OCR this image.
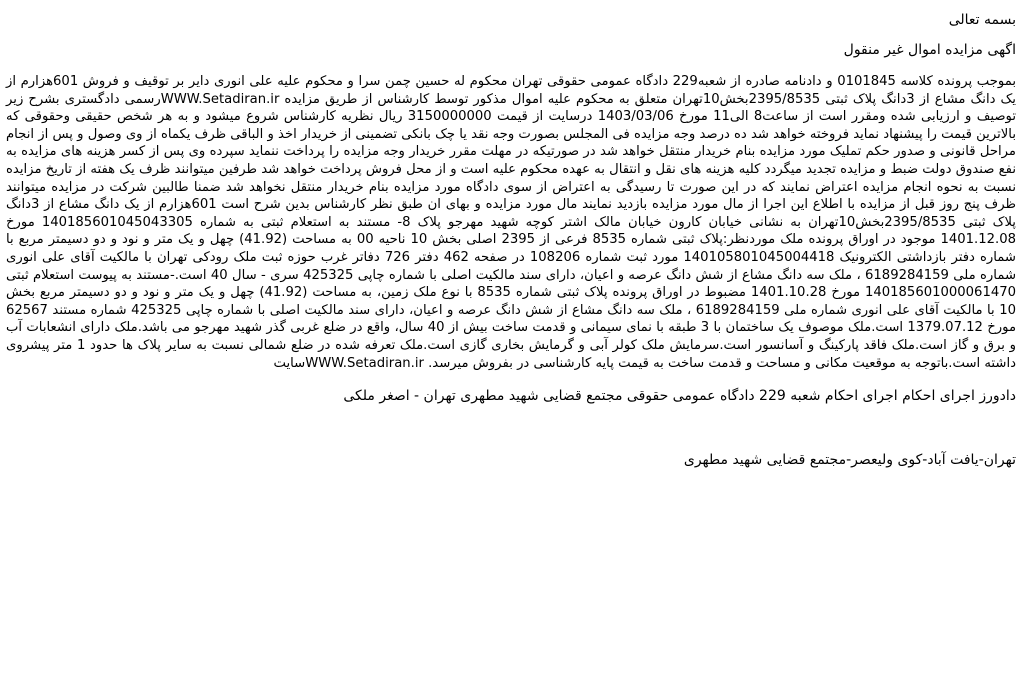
بسمه تعالی

اگهی مزایده اموال غیر منقول

بموجب پرونده کلاسه 0101845 و دادنامه صادره از شعبه229 دادگاه عمومی حقوقی تهران محکوم له حسین چمن سرا و محکوم علیه علی انوری دایر بر توقیف و فروش 601هزارم از یک دانگ مشاع از 3دانگ پلاک ثبتی 2395/8535بخش10تهران متعلق به محکوم علیه اموال مذکور توسط کارشناس از طریق مزایده WWW.Setadiran.irرسمی دادگستری بشرح زیر توصیف و ارزیابی شده ومقرر است از ساعت8 الی11 مورخ 1403/03/06 درسایت از قیمت 3150000000 ریال نظریه کارشناس شروع میشود و به هر شخص حقیقی وحقوقی که بالاترین قیمت را پیشنهاد نماید فروخته خواهد شد ده درصد وجه مزایده فی المجلس بصورت وجه نقد یا چک بانکی تضمینی از خریدار اخذ و الباقی ظرف یکماه از وی وصول و پس از انجام مراحل قانونی و صدور حکم تملیک مورد مزایده بنام خریدار منتقل خواهد شد در صورتیکه در مهلت مقرر خریدار وجه مزایده را پرداخت ننماید سپرده وی پس از کسر هزینه های مزایده به نفع صندوق دولت ضبط و مزایده تجدید میگردد کلیه هزینه های نقل و انتقال به عهده محکوم علیه است و از محل فروش پرداخت خواهد شد طرفین میتوانند ظرف یک هفته از تاریخ مزایده نسبت به نحوه انجام مزایده اعتراض نمایند که در این صورت تا رسیدگی به اعتراض از سوی دادگاه مورد مزایده بنام خریدار منتقل نخواهد شد ضمنا طالبین شرکت در مزایده میتوانند ظرف پنج روز قبل از مزایده با اطلاع این اجرا از مال مورد مزایده بازدید نمایند مال مورد مزایده و بهای ان طبق نظر کارشناس بدین شرح است 601هزارم از یک دانگ مشاع از 3دانگ پلاک ثبتی 2395/8535بخش10تهران به نشانی خیابان کارون خیابان مالک اشتر کوچه شهید مهرجو پلاک 8- مستند به استعلام ثبتی به شماره 140185601045043305 مورخ 1401.12.08 موجود در اوراق پرونده ملک موردنظر:پلاک ثبتی شماره 8535 فرعی از 2395 اصلی بخش 10 ناحیه 00 به مساحت (41.92) چهل و یک متر و نود و دو دسیمتر مربع با شماره دفتر بازداشتی الکترونیک 140105801045004418 مورد ثبت شماره 108206 در صفحه 462 دفتر 726 دفاتر غرب حوزه ثبت ملک رودکی تهران با مالکیت آقای علی انوری شماره ملی 6189284159 ، ملک سه دانگ مشاع از شش دانگ عرصه و اعیان، دارای سند مالکیت اصلی با شماره چاپی 425325 سری - سال 40 است.-مستند به پیوست استعلام ثبتی 140185601000061470 مورخ 1401.10.28 مضبوط در اوراق پرونده پلاک ثبتی شماره 8535 با نوع ملک زمین، به مساحت (41.92) چهل و یک متر و نود و دو دسیمتر مربع بخش 10 با مالکیت آقای علی انوری شماره ملی 6189284159 ، ملک سه دانگ مشاع از شش دانگ عرصه و اعیان، دارای سند مالکیت اصلی با شماره چاپی 425325 شماره مستند 62567 مورخ 1379.07.12 است.ملک موصوف یک ساختمان با 3 طبقه با نمای سیمانی و قدمت ساخت بیش از 40 سال، واقع در ضلع غربی گذر شهید مهرجو می باشد.ملک دارای انشعابات آب و برق و گاز است.ملک فاقد پارکینگ و آسانسور است.سرمایش ملک کولر آبی و گرمایش بخاری گازی است.ملک تعرفه شده در ضلع شمالی نسبت به سایر پلاک ها حدود 1 متر پیشروی داشته است.باتوجه به موقعیت مکانی و مساحت و قدمت ساخت به قیمت پایه کارشناسی در بفروش میرسد. WWW.Setadiran.irسایت
دادورز اجرای احکام اجرای احکام شعبه 229 دادگاه عمومی حقوقی مجتمع قضایی شهید مطهری تهران - اصغر ملکی
تهران-یافت آباد-کوی ولیعصر-مجتمع قضایی شهید مطهری
